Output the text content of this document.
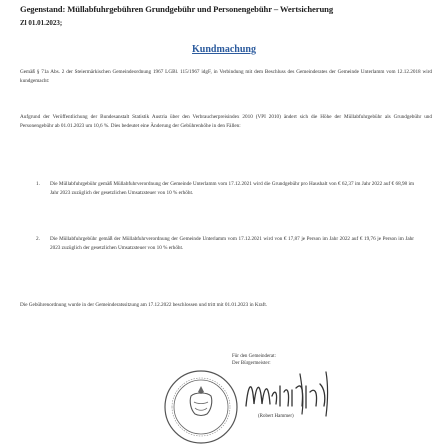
Gegenstand: Müllabfuhrgebühren Grundgebühr und Personengebühr – Wertsicherung
Zl 01.01.2023;
Kundmachung
Gemäß § 71a Abs. 2 der Steiermärkischen Gemeindeordnung 1967 LGBl. 115/1967 idgF, in Verbindung mit dem Beschluss des Gemeinderates der Gemeinde Unterlamm vom 12.12.2018 wird kundgemacht:
Aufgrund der Veröffentlichung der Bundesanstalt Statistik Austria über den Verbraucherpreisindex 2010 (VPI 2010) ändert sich die Höhe der Müllabfuhrgebühr als Grundgebühr und Personengebühr ab 01.01.2023 um 10,6 %. Dies bedeutet eine Änderung der Gebührenhöhe in den Fällen:
1. Die Müllabfuhrgebühr gemäß Müllabfuhrverordnung der Gemeinde Unterlamm vom 17.12.2021 wird die Grundgebühr pro Haushalt von € 62,37 im Jahr 2022 auf € 68,98 im Jahr 2023 zuzüglich der gesetzlichen Umsatzsteuer von 10 % erhöht.
2. Die Müllabfuhrgebühr gemäß der Müllabfuhrverordnung der Gemeinde Unterlamm vom 17.12.2021 wird von € 17,87 je Person im Jahr 2022 auf € 19,76 je Person im Jahr 2023 zuzüglich der gesetzlichen Umsatzsteuer von 10 % erhöht.
Die Gebührenordnung wurde in der Gemeinderatssitzung am 17.12.2022 beschlossen und tritt mit 01.01.2023 in Kraft.
Für den Gemeinderat:
Der Bürgermeister:
(Robert Hammer)
